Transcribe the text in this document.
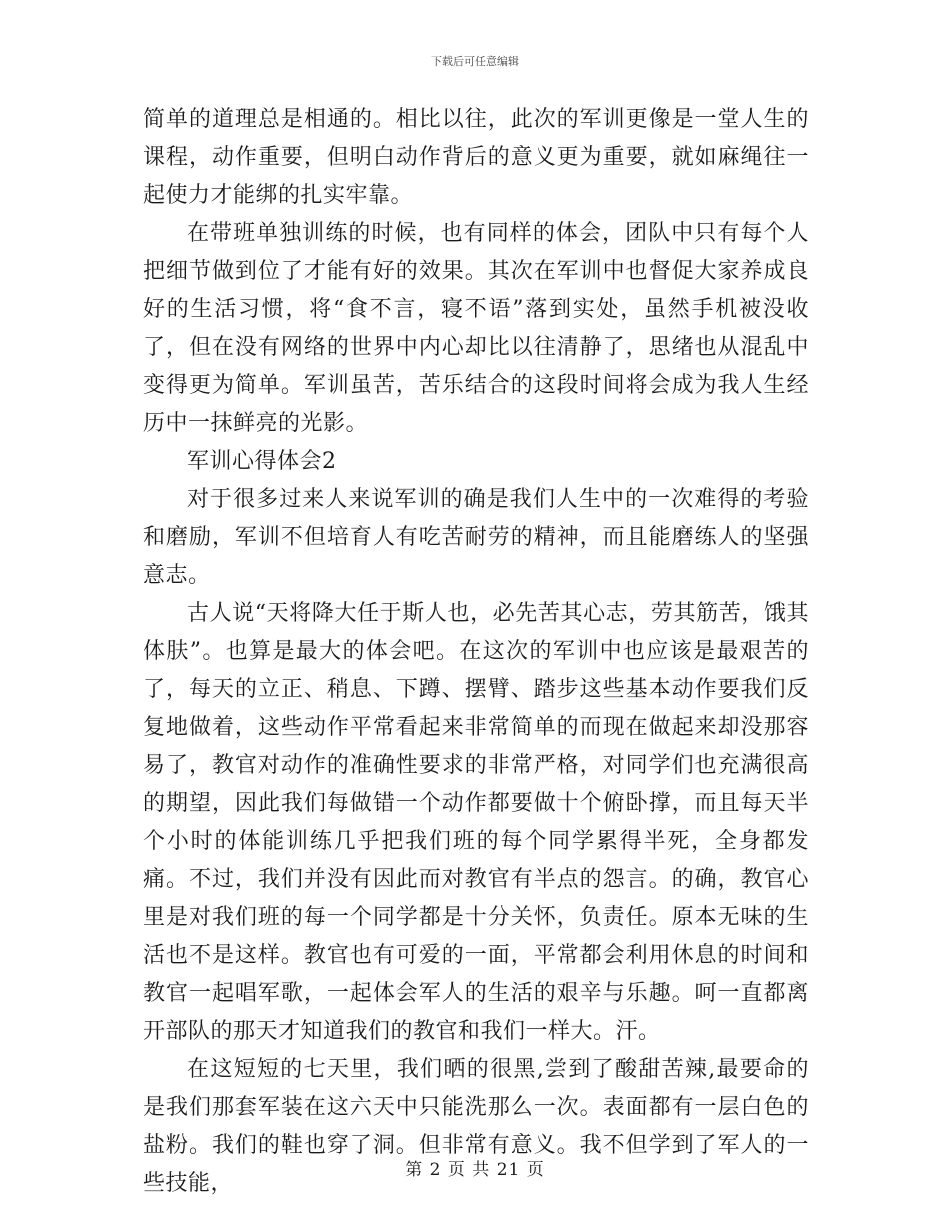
下载后可任意编辑

简单的道理总是相通的。相比以往，此次的军训更像是一堂人生的课程，动作重要，但明白动作背后的意义更为重要，就如麻绳往一起使力才能绑的扎实牢靠。

在带班单独训练的时候，也有同样的体会，团队中只有每个人把细节做到位了才能有好的效果。其次在军训中也督促大家养成良好的生活习惯，将“食不言，寝不语”落到实处，虽然手机被没收了，但在没有网络的世界中内心却比以往清静了，思绪也从混乱中变得更为简单。军训虽苦，苦乐结合的这段时间将会成为我人生经历中一抹鲜亮的光影。

军训心得体会2

对于很多过来人来说军训的确是我们人生中的一次难得的考验和磨励，军训不但培育人有吃苦耐劳的精神，而且能磨练人的坚强意志。

古人说“天将降大任于斯人也，必先苦其心志，劳其筋苦，饿其体肤”。也算是最大的体会吧。在这次的军训中也应该是最艰苦的了，每天的立正、稍息、下蹲、摆臂、踏步这些基本动作要我们反复地做着，这些动作平常看起来非常简单的而现在做起来却没那容易了，教官对动作的准确性要求的非常严格，对同学们也充满很高的期望，因此我们每做错一个动作都要做十个俯卧撑，而且每天半个小时的体能训练几乎把我们班的每个同学累得半死，全身都发痛。不过，我们并没有因此而对教官有半点的怨言。的确，教官心里是对我们班的每一个同学都是十分关怀，负责任。原本无味的生活也不是这样。教官也有可爱的一面，平常都会利用休息的时间和教官一起唱军歌，一起体会军人的生活的艰辛与乐趣。呵一直都离开部队的那天才知道我们的教官和我们一样大。汗。

在这短短的七天里，我们晒的很黑,尝到了酸甜苦辣,最要命的是我们那套军装在这六天中只能洗那么一次。表面都有一层白色的盐粉。我们的鞋也穿了洞。但非常有意义。我不但学到了军人的一些技能，

第 2 页 共 21 页
